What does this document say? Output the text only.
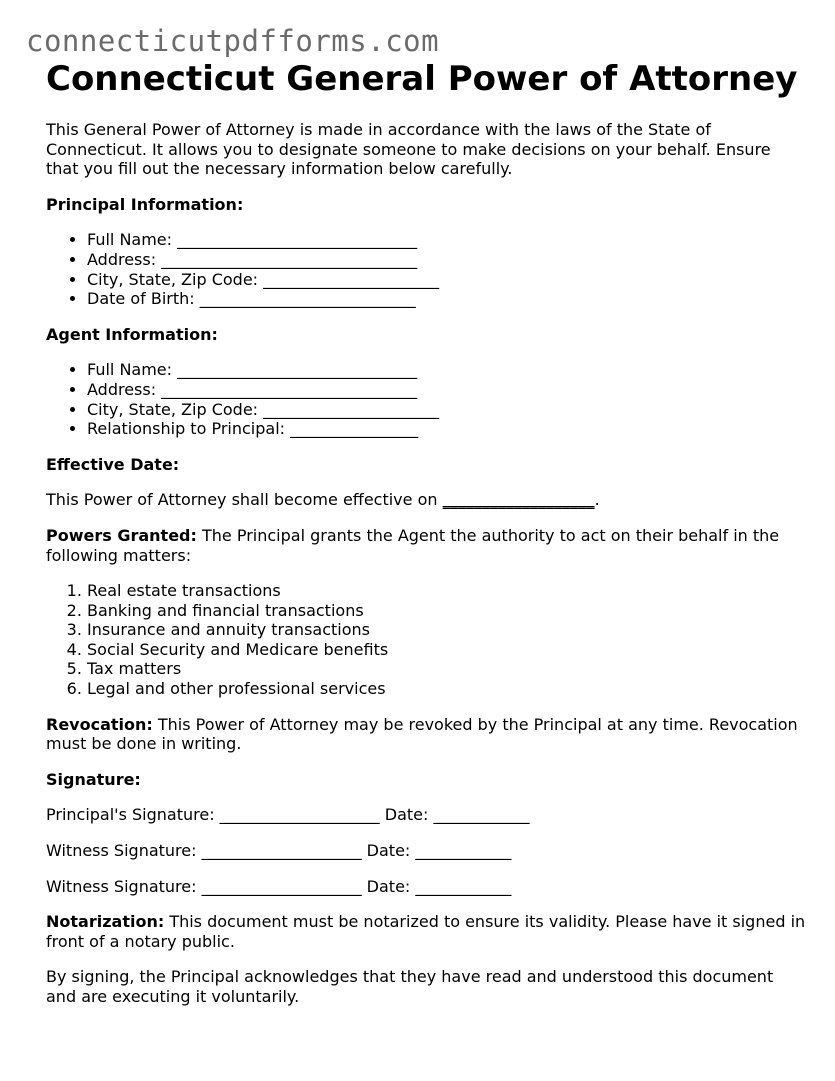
connecticutpdfforms.com
Connecticut General Power of Attorney

This General Power of Attorney is made in accordance with the laws of the State of Connecticut. It allows you to designate someone to make decisions on your behalf. Ensure that you fill out the necessary information below carefully.

Principal Information:

• Full Name: ______________________________
• Address: ________________________________
• City, State, Zip Code: ______________________
• Date of Birth: ___________________________

Agent Information:

• Full Name: ______________________________
• Address: ________________________________
• City, State, Zip Code: ______________________
• Relationship to Principal: ________________

Effective Date:

This Power of Attorney shall become effective on ___________________.

Powers Granted: The Principal grants the Agent the authority to act on their behalf in the following matters:

1. Real estate transactions
2. Banking and financial transactions
3. Insurance and annuity transactions
4. Social Security and Medicare benefits
5. Tax matters
6. Legal and other professional services

Revocation: This Power of Attorney may be revoked by the Principal at any time. Revocation must be done in writing.

Signature:

Principal's Signature: ____________________ Date: ____________

Witness Signature: ____________________ Date: ____________

Witness Signature: ____________________ Date: ____________

Notarization: This document must be notarized to ensure its validity. Please have it signed in front of a notary public.

By signing, the Principal acknowledges that they have read and understood this document and are executing it voluntarily.
